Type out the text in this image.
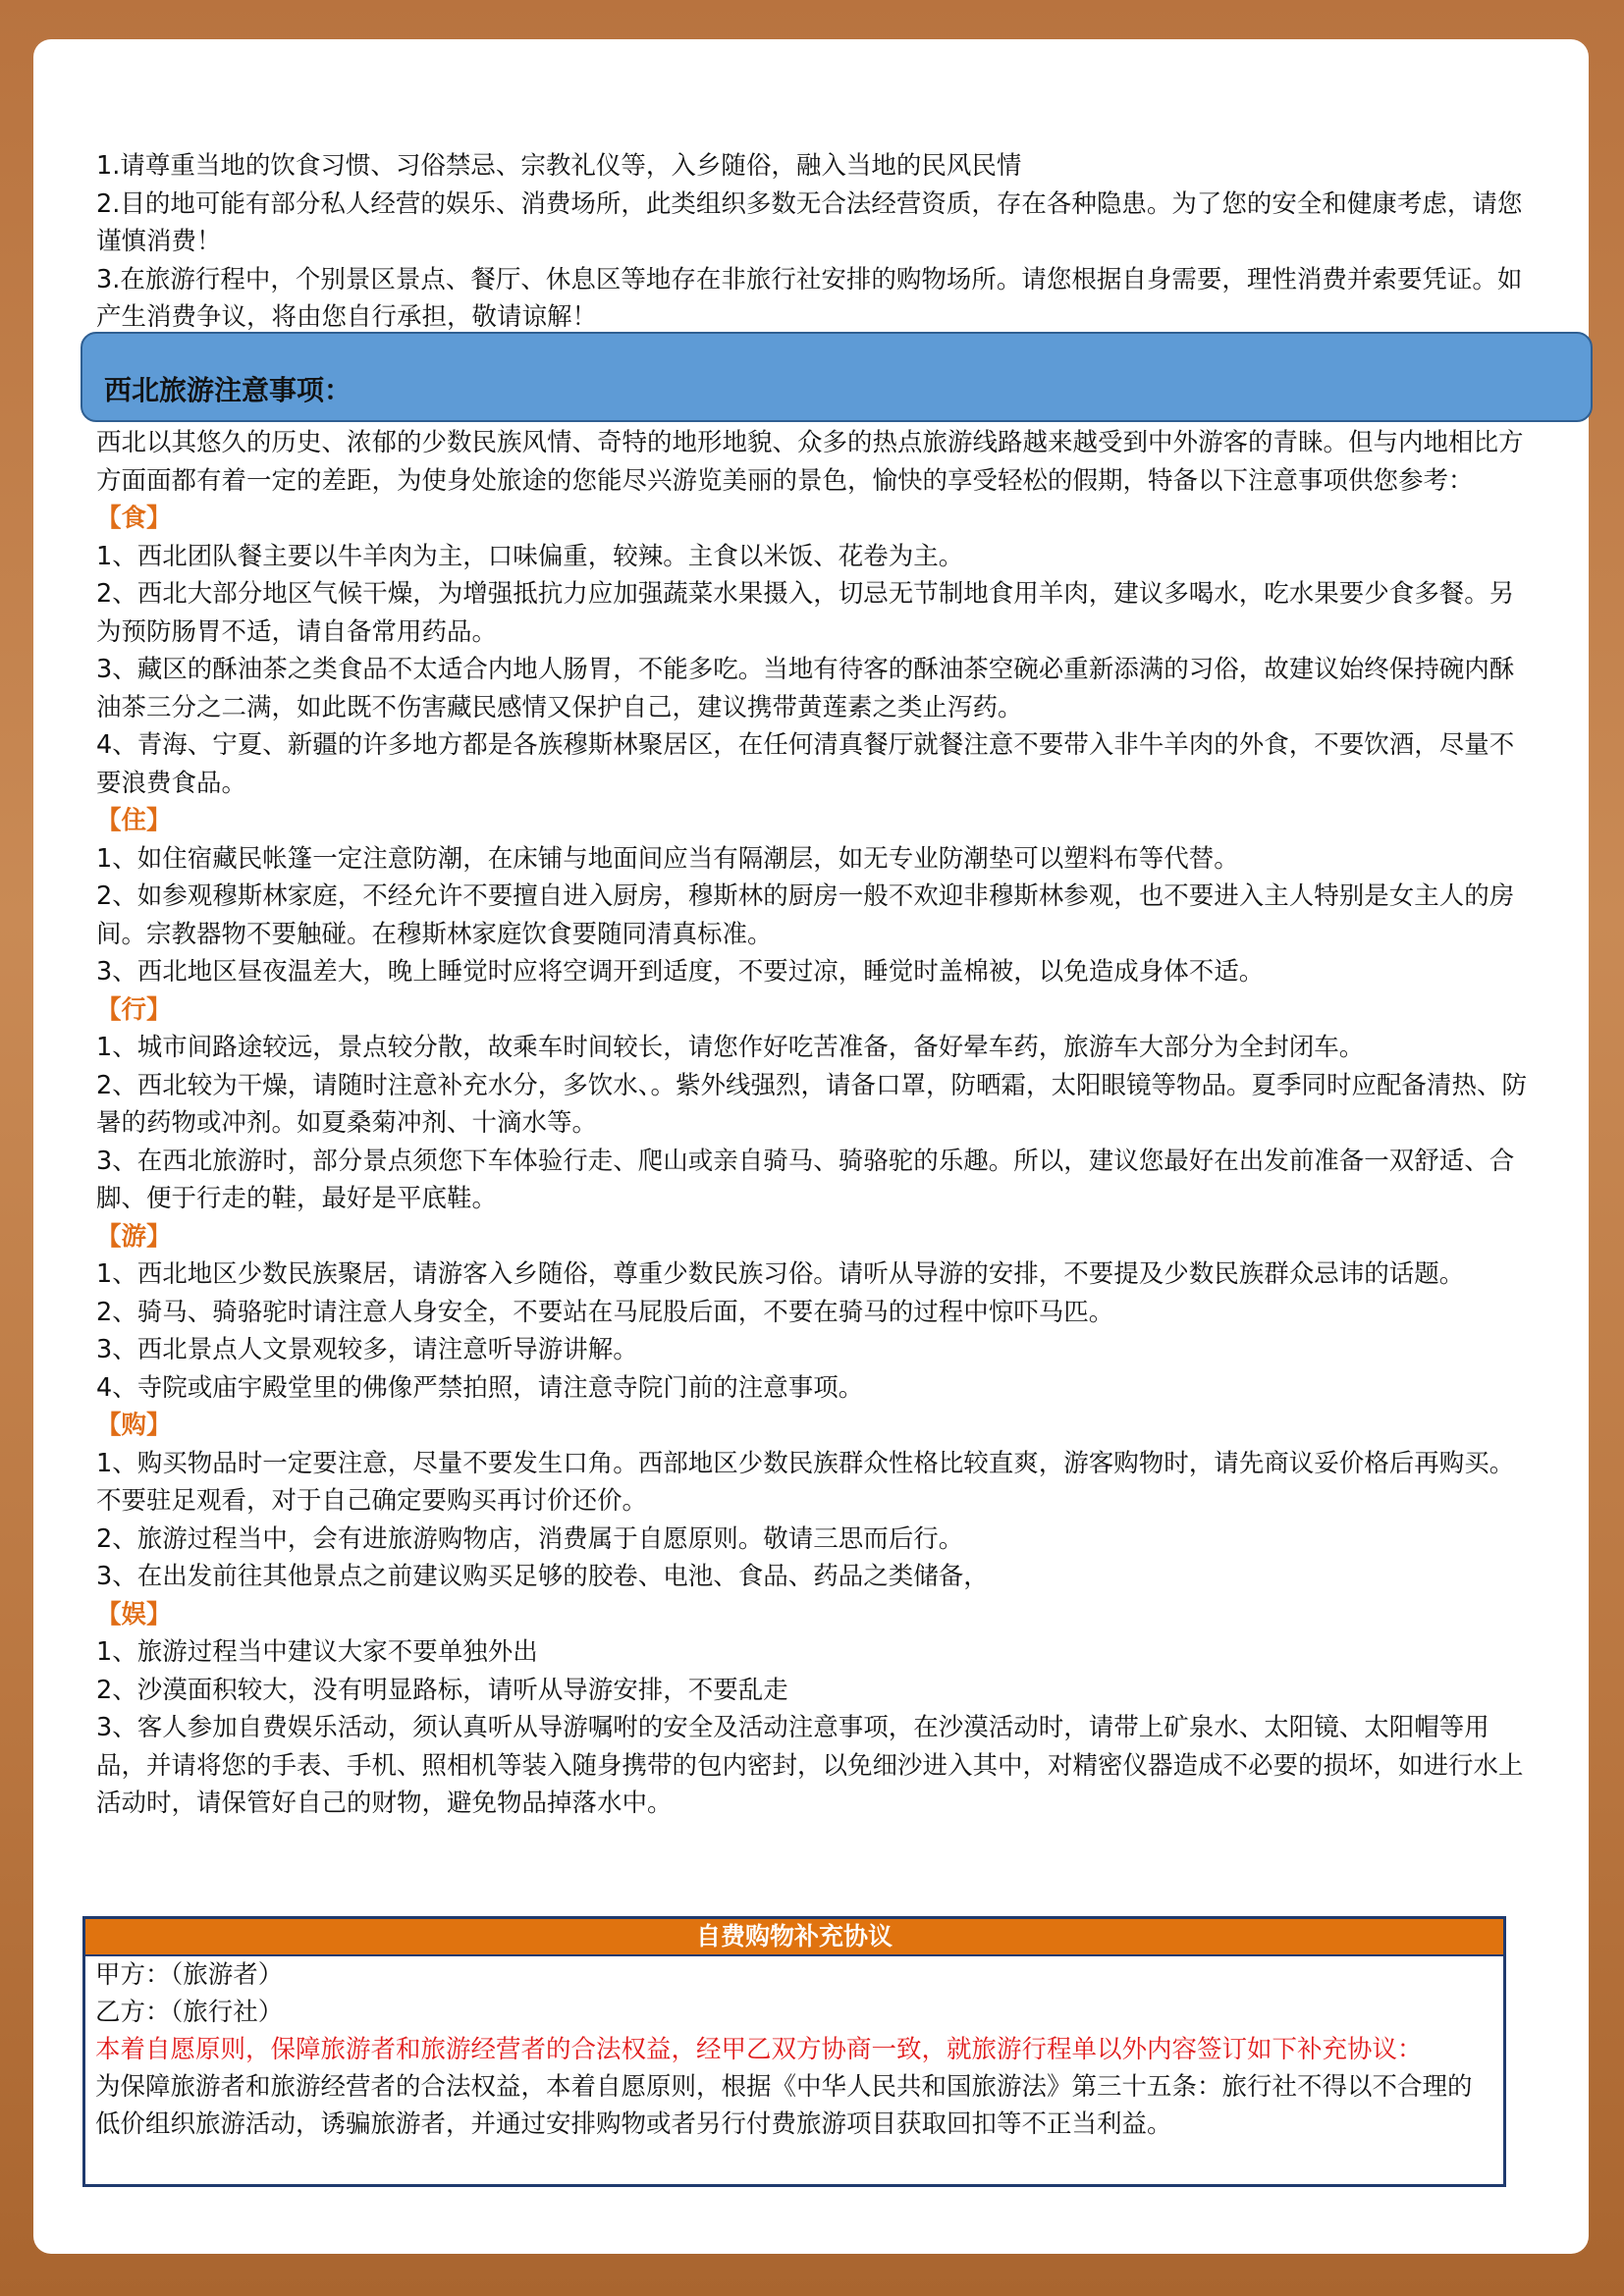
1.请尊重当地的饮食习惯、习俗禁忌、宗教礼仪等，入乡随俗，融入当地的民风民情

2.目的地可能有部分私人经营的娱乐、消费场所，此类组织多数无合法经营资质，存在各种隐患。为了您的安全和健康考虑，请您谨慎消费！

3.在旅游行程中，个别景区景点、餐厅、休息区等地存在非旅行社安排的购物场所。请您根据自身需要，理性消费并索要凭证。如产生消费争议，将由您自行承担，敬请谅解！

西北旅游注意事项：

西北以其悠久的历史、浓郁的少数民族风情、奇特的地形地貌、众多的热点旅游线路越来越受到中外游客的青睐。但与内地相比方方面面都有着一定的差距，为使身处旅途的您能尽兴游览美丽的景色，愉快的享受轻松的假期，特备以下注意事项供您参考：

【食】

1、西北团队餐主要以牛羊肉为主，口味偏重，较辣。主食以米饭、花卷为主。

2、西北大部分地区气候干燥，为增强抵抗力应加强蔬菜水果摄入，切忌无节制地食用羊肉，建议多喝水，吃水果要少食多餐。另为预防肠胃不适，请自备常用药品。

3、藏区的酥油茶之类食品不太适合内地人肠胃，不能多吃。当地有待客的酥油茶空碗必重新添满的习俗，故建议始终保持碗内酥油茶三分之二满，如此既不伤害藏民感情又保护自己，建议携带黄莲素之类止泻药。

4、青海、宁夏、新疆的许多地方都是各族穆斯林聚居区，在任何清真餐厅就餐注意不要带入非牛羊肉的外食，不要饮酒，尽量不要浪费食品。

【住】

1、如住宿藏民帐篷一定注意防潮，在床铺与地面间应当有隔潮层，如无专业防潮垫可以塑料布等代替。

2、如参观穆斯林家庭，不经允许不要擅自进入厨房，穆斯林的厨房一般不欢迎非穆斯林参观，也不要进入主人特别是女主人的房间。宗教器物不要触碰。在穆斯林家庭饮食要随同清真标准。

3、西北地区昼夜温差大，晚上睡觉时应将空调开到适度，不要过凉，睡觉时盖棉被，以免造成身体不适。

【行】

1、城市间路途较远，景点较分散，故乘车时间较长，请您作好吃苦准备，备好晕车药，旅游车大部分为全封闭车。

2、西北较为干燥，请随时注意补充水分，多饮水、。紫外线强烈，请备口罩，防晒霜，太阳眼镜等物品。夏季同时应配备清热、防暑的药物或冲剂。如夏桑菊冲剂、十滴水等。

3、在西北旅游时，部分景点须您下车体验行走、爬山或亲自骑马、骑骆驼的乐趣。所以，建议您最好在出发前准备一双舒适、合脚、便于行走的鞋，最好是平底鞋。

【游】

1、西北地区少数民族聚居，请游客入乡随俗，尊重少数民族习俗。请听从导游的安排，不要提及少数民族群众忌讳的话题。

2、骑马、骑骆驼时请注意人身安全，不要站在马屁股后面，不要在骑马的过程中惊吓马匹。

3、西北景点人文景观较多，请注意听导游讲解。

4、寺院或庙宇殿堂里的佛像严禁拍照，请注意寺院门前的注意事项。

【购】

1、购买物品时一定要注意，尽量不要发生口角。西部地区少数民族群众性格比较直爽，游客购物时，请先商议妥价格后再购买。不要驻足观看，对于自己确定要购买再讨价还价。

2、旅游过程当中，会有进旅游购物店，消费属于自愿原则。敬请三思而后行。

3、在出发前往其他景点之前建议购买足够的胶卷、电池、食品、药品之类储备，

【娱】

1、旅游过程当中建议大家不要单独外出

2、沙漠面积较大，没有明显路标，请听从导游安排，不要乱走

3、客人参加自费娱乐活动，须认真听从导游嘱咐的安全及活动注意事项，在沙漠活动时，请带上矿泉水、太阳镜、太阳帽等用品，并请将您的手表、手机、照相机等装入随身携带的包内密封，以免细沙进入其中，对精密仪器造成不必要的损坏，如进行水上活动时，请保管好自己的财物，避免物品掉落水中。

自费购物补充协议

甲方：（旅游者）

乙方：（旅行社）

本着自愿原则，保障旅游者和旅游经营者的合法权益，经甲乙双方协商一致，就旅游行程单以外内容签订如下补充协议：

为保障旅游者和旅游经营者的合法权益，本着自愿原则，根据《中华人民共和国旅游法》第三十五条：旅行社不得以不合理的低价组织旅游活动，诱骗旅游者，并通过安排购物或者另行付费旅游项目获取回扣等不正当利益。
